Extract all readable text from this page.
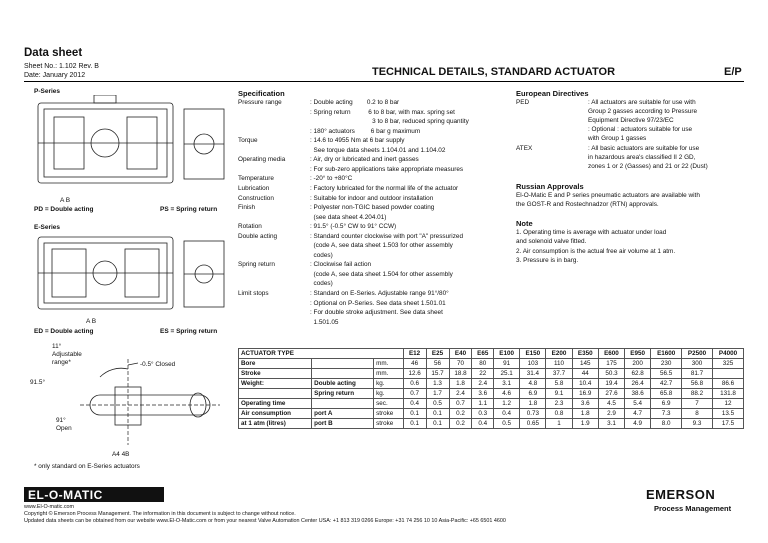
Data sheet
Sheet No.: 1.102 Rev. B
Date: January 2012	TECHNICAL DETAILS, STANDARD ACTUATOR	E/P
P-Series
A B
PD = Double acting	PS = Spring return
E-Series
A B
ED = Double acting	ES = Spring return
11°
Adjustable
range*	-0.5° Closed
91.5°
91°
Open
A4 4B
* only standard on E-Series actuators
Specification
Pressure range	: Double acting        0.2 to 8 bar
: Spring return          6 to 8 bar, with max. spring set
3 to 8 bar, reduced spring quantity
: 180° actuators         6 bar g maximum
Torque	: 14.6 to 4955 Nm at 6 bar supply
See torque data sheets 1.104.01 and 1.104.02
Operating media	: Air, dry or lubricated and inert gasses
: For sub-zero applications take appropriate measures
Temperature	: -20° to +80°C
Lubrication	: Factory lubricated for the normal life of the actuator
Construction	: Suitable for indoor and outdoor installation
Finish	: Polyester non-TGIC based powder coating
(see data sheet 4.204.01)
Rotation	: 91.5° (-0.5° CW to 91° CCW)
Double acting	: Standard counter clockwise with port "A" pressurized
(code A, see data sheet 1.503 for other assembly
codes)
Spring return	: Clockwise fail action
(code A, see data sheet 1.504 for other assembly
codes)
Limit stops	: Standard on E-Series. Adjustable range 91°/80°
: Optional on P-Series. See data sheet 1.501.01
: For double stroke adjustment. See data sheet
1.501.05
European Directives
PED	: All actuators are suitable for use with
Group 2 gasses according to Pressure
Equipment Directive 97/23/EC
: Optional : actuators suitable for use
with Group 1 gasses
ATEX	: All basic actuators are suitable for use
in hazardous area's classified II 2 GD,
zones 1 or 2 (Gasses) and 21 or 22 (Dust)
Russian Approvals
El-O-Matic E and P series pneumatic actuators are available with
the GOST-R and Rostechnadzor (RTN) approvals.
Note
1. Operating time is average with actuator under load
and solenoid valve fitted.
2. Air consumption is the actual free air volume at 1 atm.
3. Pressure is in barg.
ACTUATOR TYPE			E12	E25	E40	E65	E100	E150	E200	E350	E600	E950	E1600	P2500	P4000
Bore		mm.	46	56	70	80	91	103	110	145	175	200	230	300	325
Stroke		mm.	12.6	15.7	18.8	22	25.1	31.4	37.7	44	50.3	62.8	56.5	81.7	
Weight:	Double acting	kg.	0.6	1.3	1.8	2.4	3.1	4.8	5.8	10.4	19.4	26.4	42.7	56.8	86.6
	Spring return	kg.	0.7	1.7	2.4	3.6	4.6	6.9	9.1	16.9	27.6	38.6	65.8	88.2	131.8
Operating time		sec.	0.4	0.5	0.7	1.1	1.2	1.8	2.3	3.6	4.5	5.4	6.9	7	12
Air consumption	port A	stroke	0.1	0.1	0.2	0.3	0.4	0.73	0.8	1.8	2.9	4.7	7.3	8	13.5
at 1 atm (litres)	port B	stroke	0.1	0.1	0.2	0.4	0.5	0.65	1	1.9	3.1	4.9	8.0	9.3	17.5
EL-O-MATIC
www.El-O-matic.com
Copyright © Emerson Process Management. The information in this document is subject to change without notice.
Updated data sheets can be obtained from our website www.El-O-Matic.com or from your nearest Valve Automation Center USA: +1 813 319 0266 Europe: +31 74 256 10 10 Asia-Pacific: +65 6501 4600
EMERSON
Process Management
